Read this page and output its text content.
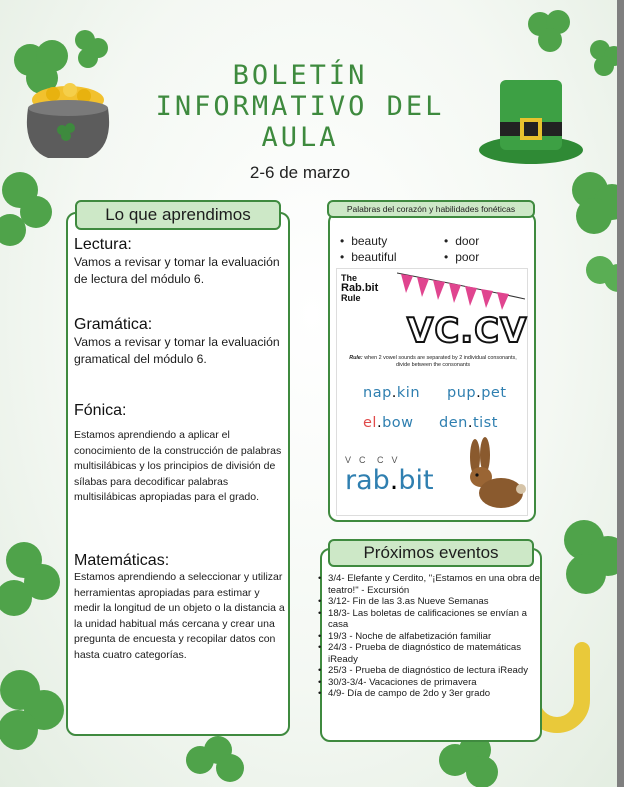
BOLETÍN
INFORMATIVO DEL
AULA
2-6 de marzo
Lo que aprendimos
Lectura:
Vamos a revisar y tomar la evaluación de lectura del módulo 6.
Gramática:
Vamos a revisar y tomar la evaluación gramatical del módulo 6.
Fónica:
Estamos aprendiendo a aplicar el conocimiento de la construcción de palabras multisilábicas y los principios de división de sílabas para decodificar palabras multisilábicas apropiadas para el grado.
Matemáticas:
Estamos aprendiendo a seleccionar y utilizar herramientas apropiadas para estimar y medir la longitud de un objeto o la distancia a la unidad habitual más cercana y crear una pregunta de encuesta y recopilar datos con hasta cuatro categorías.
Palabras del corazón y habilidades fonéticas
• beauty	• door
• beautiful	• poor
The
Rab.bit
Rule
VC.CV
Rule: when 2 vowel sounds are separated by 2 individual consonants, divide between the consonants
nap.kin pup.pet
el.bow den.tist
V  C   C  V
rab.bit
Próximos eventos
• 3/4- Elefante y Cerdito, "¡Estamos en una obra de teatro!" - Excursión
• 3/12- Fin de las 3.as Nueve Semanas
• 18/3- Las boletas de calificaciones se envían a casa
• 19/3 - Noche de alfabetización familiar
• 24/3 - Prueba de diagnóstico de matemáticas iReady
• 25/3 - Prueba de diagnóstico de lectura iReady
• 30/3-3/4- Vacaciones de primavera
• 4/9- Día de campo de 2do y 3er grado
